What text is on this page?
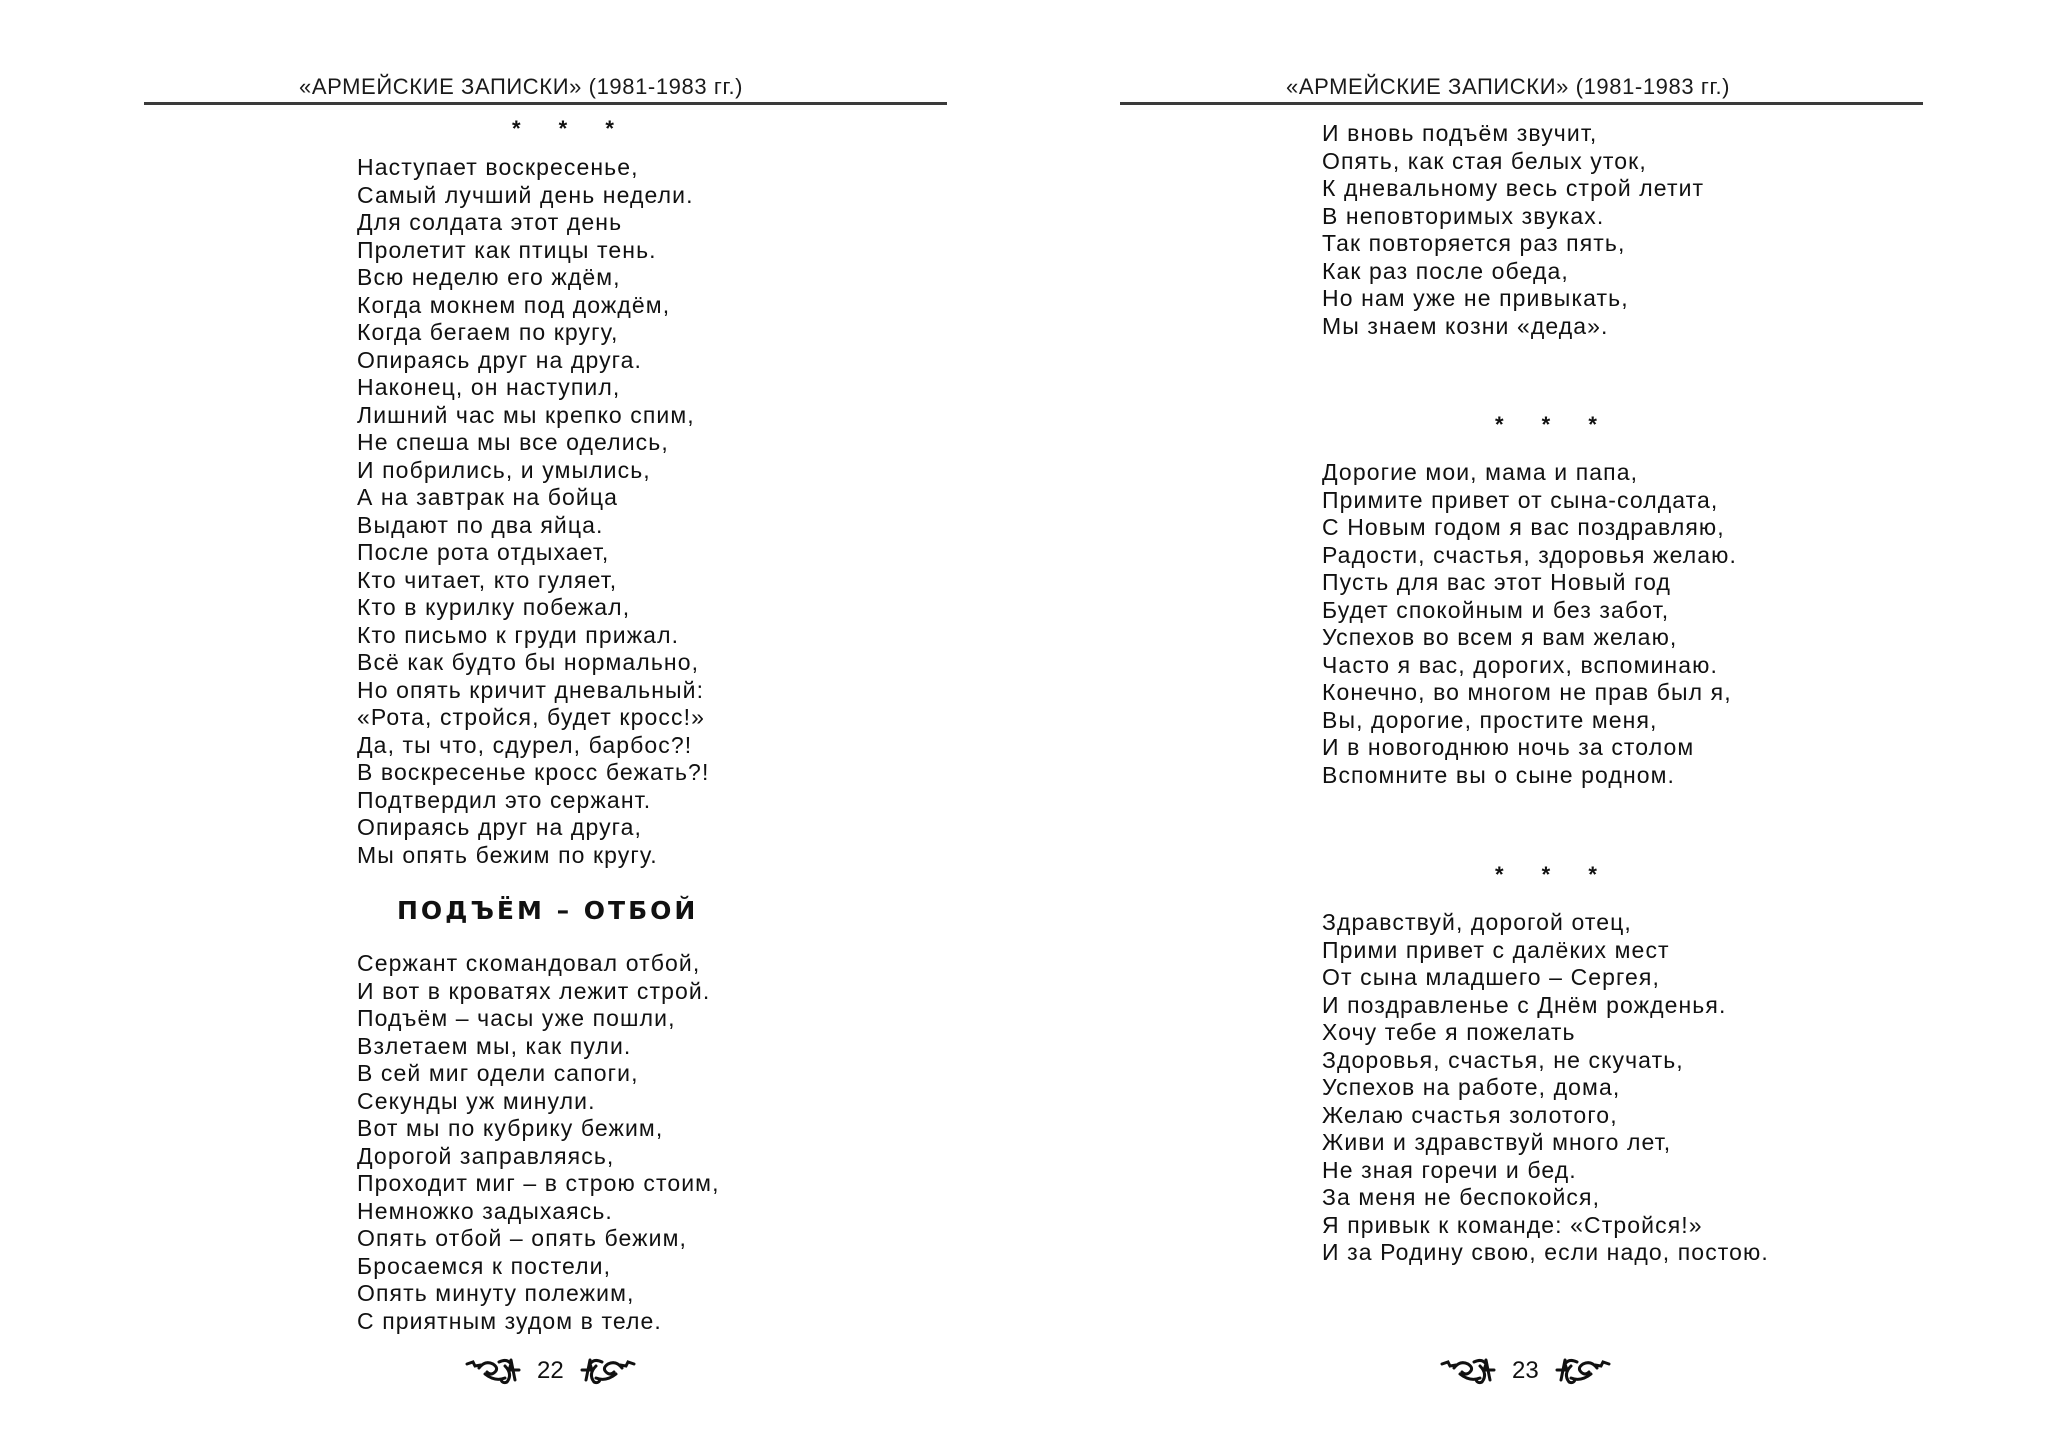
«АРМЕЙСКИЕ ЗАПИСКИ» (1981-1983 гг.)
* * *
Наступает воскресенье,
Самый лучший день недели.
Для солдата этот день
Пролетит как птицы тень.
Всю неделю его ждём,
Когда мокнем под дождём,
Когда бегаем по кругу,
Опираясь друг на друга.
Наконец, он наступил,
Лишний час мы крепко спим,
Не спеша мы все оделись,
И побрились, и умылись,
А на завтрак на бойца
Выдают по два яйца.
После рота отдыхает,
Кто читает, кто гуляет,
Кто в курилку побежал,
Кто письмо к груди прижал.
Всё как будто бы нормально,
Но опять кричит дневальный:
«Рота, стройся, будет кросс!»
Да, ты что, сдурел, барбос?!
В воскресенье кросс бежать?!
Подтвердил это сержант.
Опираясь друг на друга,
Мы опять бежим по кругу.
ПОДЪЁМ – ОТБОЙ
Сержант скомандовал отбой,
И вот в кроватях лежит строй.
Подъём – часы уже пошли,
Взлетаем мы, как пули.
В сей миг одели сапоги,
Секунды уж минули.
Вот мы по кубрику бежим,
Дорогой заправляясь,
Проходит миг – в строю стоим,
Немножко задыхаясь.
Опять отбой – опять бежим,
Бросаемся к постели,
Опять минуту полежим,
С приятным зудом в теле.
22
«АРМЕЙСКИЕ ЗАПИСКИ» (1981-1983 гг.)
И вновь подъём звучит,
Опять, как стая белых уток,
К дневальному весь строй летит
В неповторимых звуках.
Так повторяется раз пять,
Как раз после обеда,
Но нам уже не привыкать,
Мы знаем козни «деда».
* * *
Дорогие мои, мама и папа,
Примите привет от сына-солдата,
С Новым годом я вас поздравляю,
Радости, счастья, здоровья желаю.
Пусть для вас этот Новый год
Будет спокойным и без забот,
Успехов во всем я вам желаю,
Часто я вас, дорогих, вспоминаю.
Конечно, во многом не прав был я,
Вы, дорогие, простите меня,
И в новогоднюю ночь за столом
Вспомните вы о сыне родном.
* * *
Здравствуй, дорогой отец,
Прими привет с далёких мест
От сына младшего – Сергея,
И поздравленье с Днём рожденья.
Хочу тебе я пожелать
Здоровья, счастья, не скучать,
Успехов на работе, дома,
Желаю счастья золотого,
Живи и здравствуй много лет,
Не зная горечи и бед.
За меня не беспокойся,
Я привык к команде: «Стройся!»
И за Родину свою, если надо, постою.
23
